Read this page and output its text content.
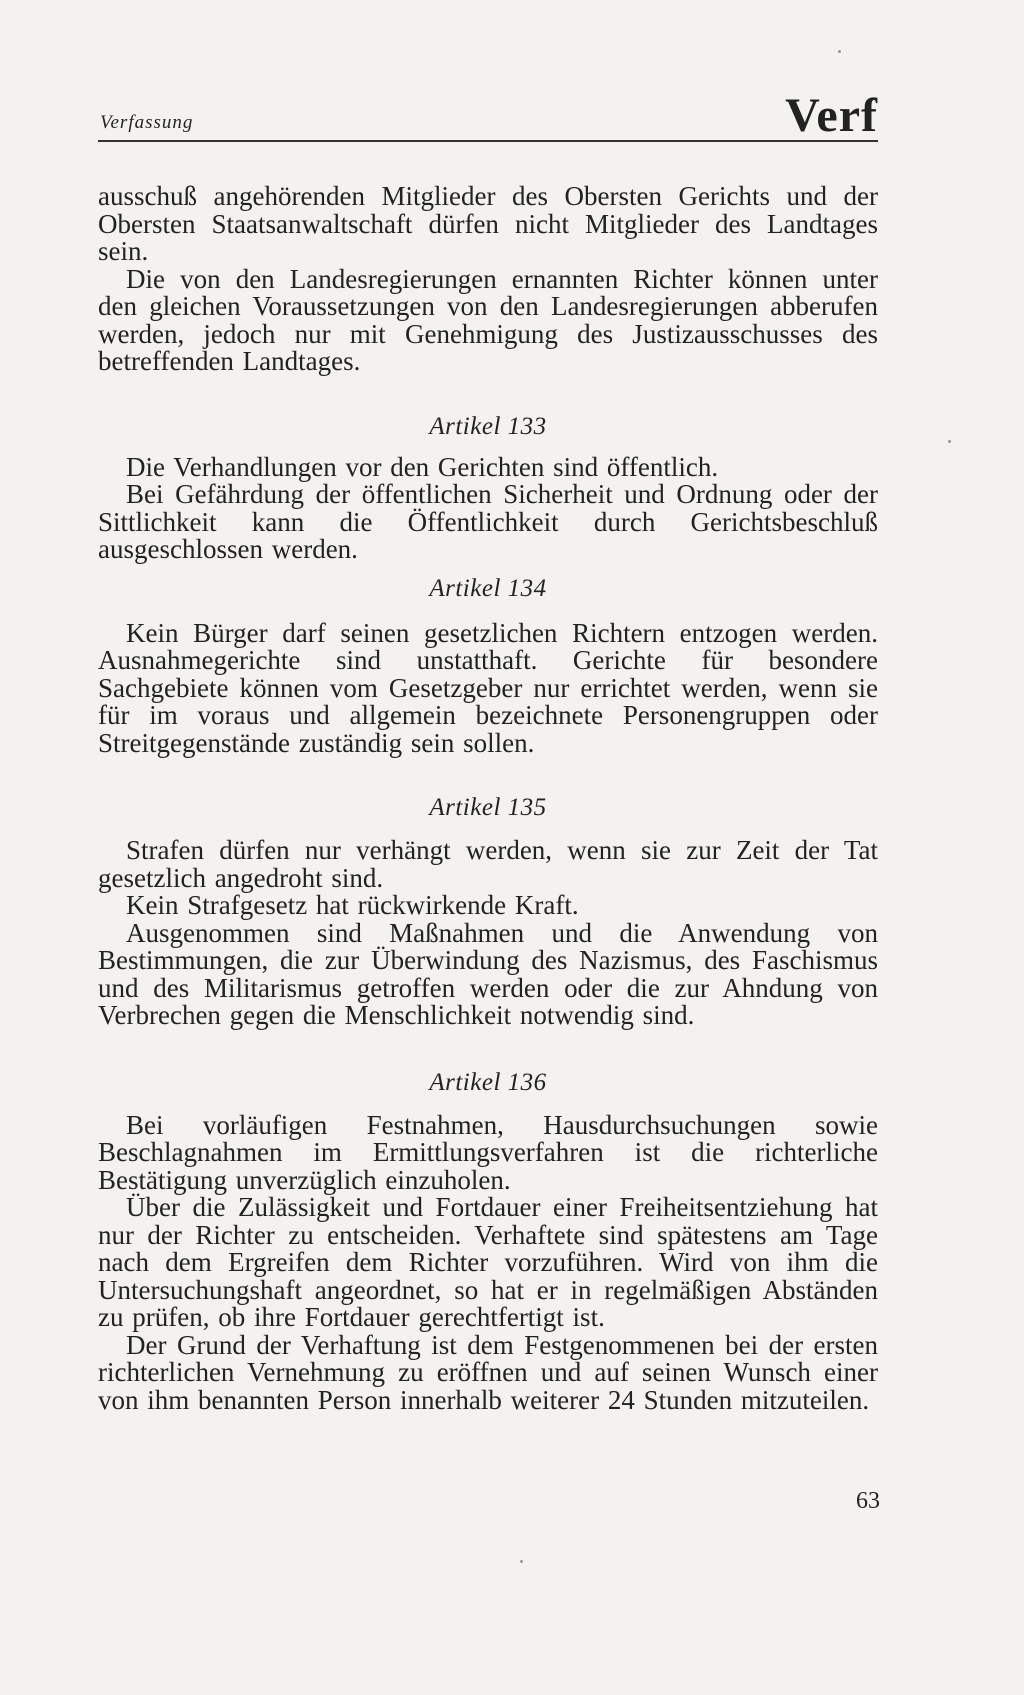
Verfassung	Verf

ausschuß angehörenden Mitglieder des Obersten Gerichts und der Obersten Staatsanwaltschaft dürfen nicht Mitglieder des Landtages sein.

Die von den Landesregierungen ernannten Richter können unter den gleichen Voraussetzungen von den Landesregierungen abberufen werden, jedoch nur mit Genehmigung des Justizausschusses des betreffenden Landtages.

Artikel 133

Die Verhandlungen vor den Gerichten sind öffentlich.

Bei Gefährdung der öffentlichen Sicherheit und Ordnung oder der Sittlichkeit kann die Öffentlichkeit durch Gerichtsbeschluß ausgeschlossen werden.

Artikel 134

Kein Bürger darf seinen gesetzlichen Richtern entzogen werden. Ausnahmegerichte sind unstatthaft. Gerichte für besondere Sachgebiete können vom Gesetzgeber nur errichtet werden, wenn sie für im voraus und allgemein bezeichnete Personengruppen oder Streitgegenstände zuständig sein sollen.

Artikel 135

Strafen dürfen nur verhängt werden, wenn sie zur Zeit der Tat gesetzlich angedroht sind.

Kein Strafgesetz hat rückwirkende Kraft.

Ausgenommen sind Maßnahmen und die Anwendung von Bestimmungen, die zur Überwindung des Nazismus, des Faschismus und des Militarismus getroffen werden oder die zur Ahndung von Verbrechen gegen die Menschlichkeit notwendig sind.

Artikel 136

Bei vorläufigen Festnahmen, Hausdurchsuchungen sowie Beschlagnahmen im Ermittlungsverfahren ist die richterliche Bestätigung unverzüglich einzuholen.

Über die Zulässigkeit und Fortdauer einer Freiheitsentziehung hat nur der Richter zu entscheiden. Verhaftete sind spätestens am Tage nach dem Ergreifen dem Richter vorzuführen. Wird von ihm die Untersuchungshaft angeordnet, so hat er in regelmäßigen Abständen zu prüfen, ob ihre Fortdauer gerechtfertigt ist.

Der Grund der Verhaftung ist dem Festgenommenen bei der ersten richterlichen Vernehmung zu eröffnen und auf seinen Wunsch einer von ihm benannten Person innerhalb weiterer 24 Stunden mitzuteilen.

63
